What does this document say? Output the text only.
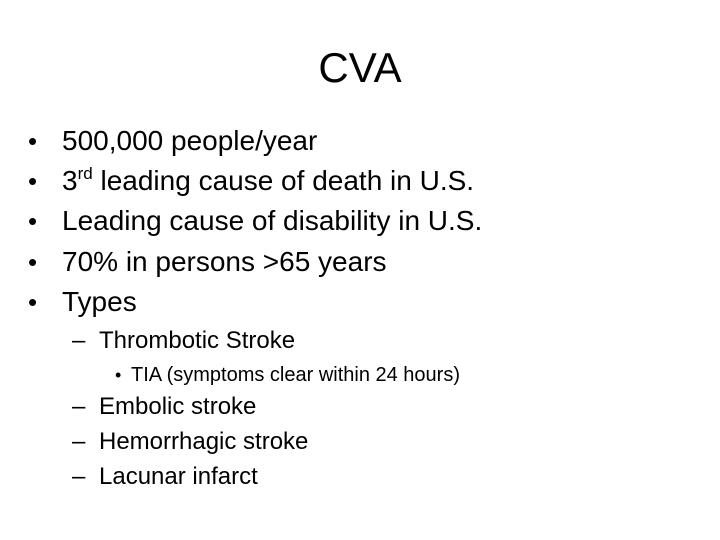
CVA
• 500,000 people/year
• 3rd leading cause of death in U.S.
• Leading cause of disability in U.S.
• 70% in persons >65 years
• Types
– Thrombotic Stroke
• TIA (symptoms clear within 24 hours)
– Embolic stroke
– Hemorrhagic stroke
– Lacunar infarct
